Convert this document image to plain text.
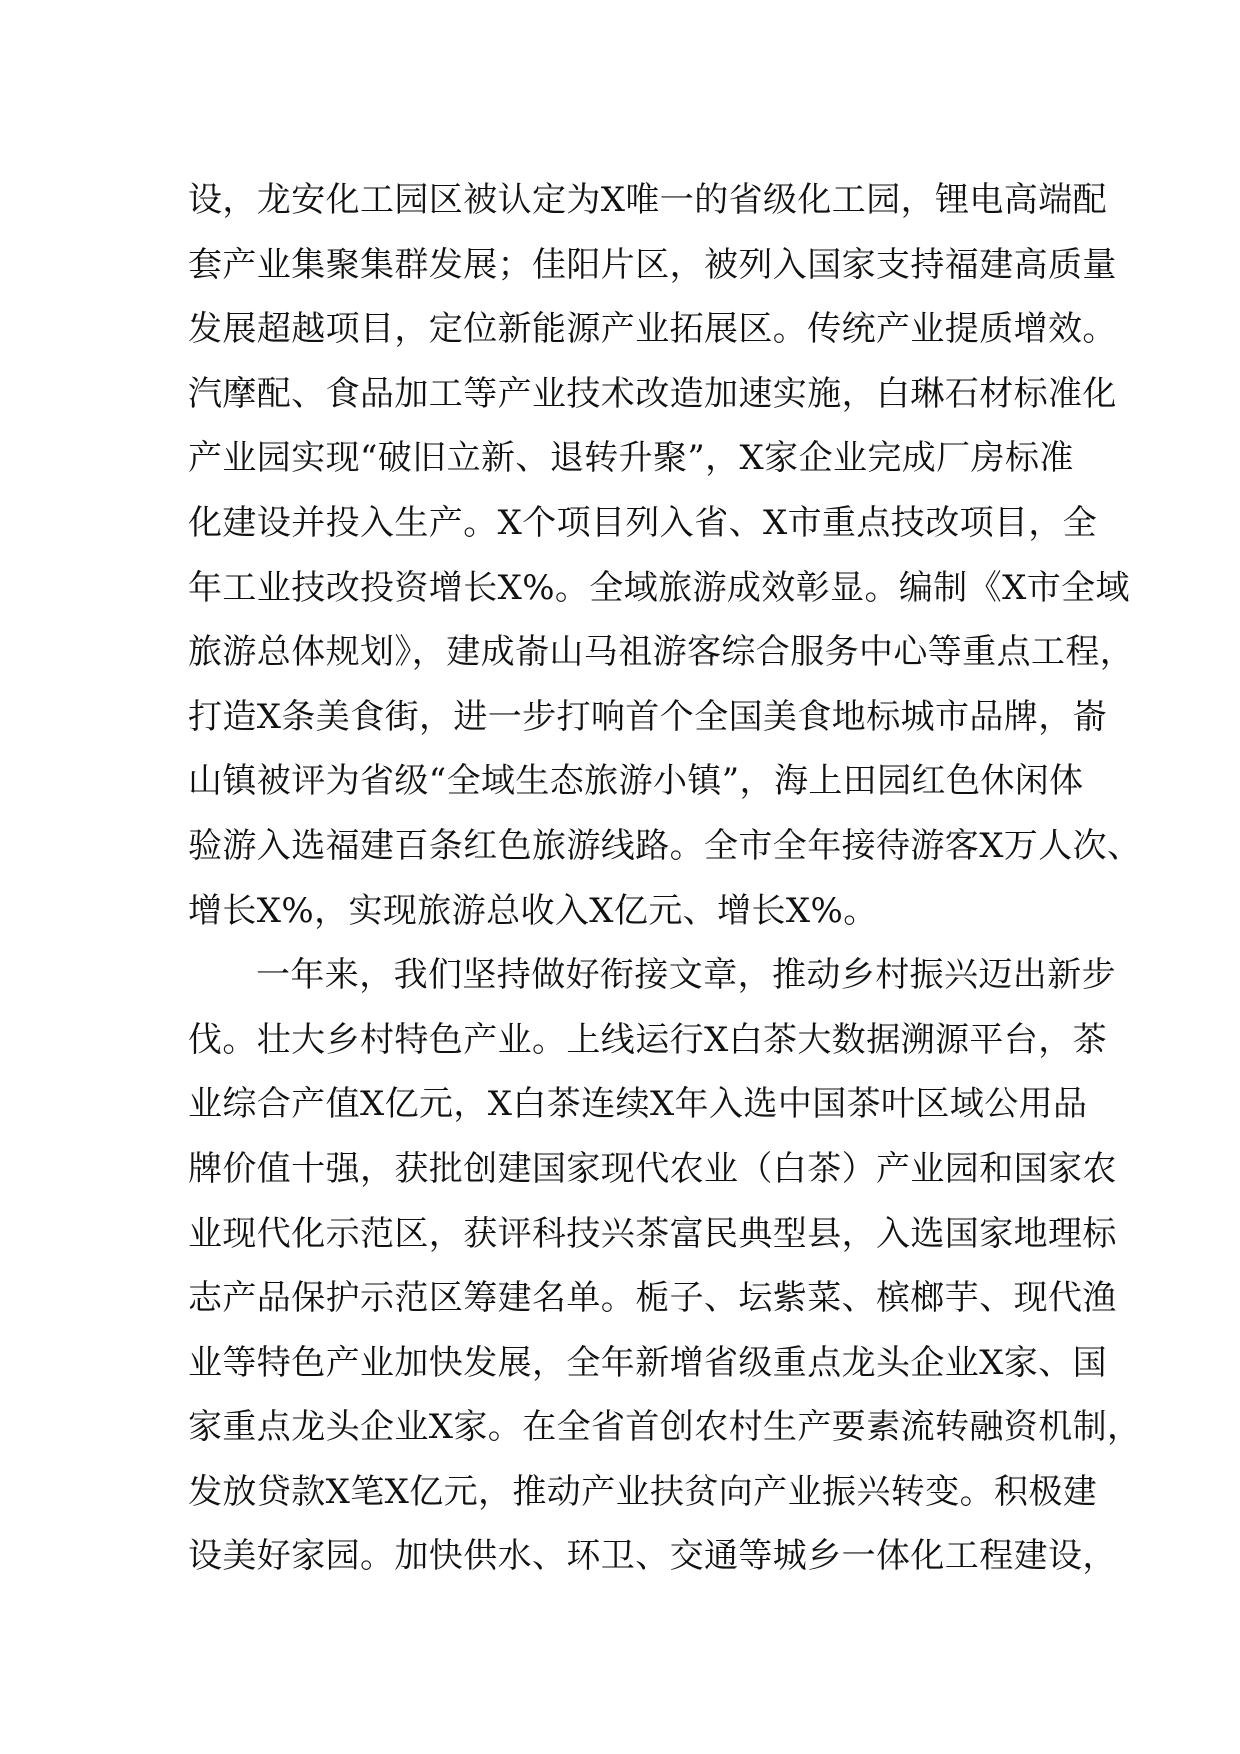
设，龙安化工园区被认定为X唯一的省级化工园，锂电高端配
套产业集聚集群发展；佳阳片区，被列入国家支持福建高质量
发展超越项目，定位新能源产业拓展区。传统产业提质增效。
汽摩配、食品加工等产业技术改造加速实施，白琳石材标准化
产业园实现“破旧立新、退转升聚”，X家企业完成厂房标准
化建设并投入生产。X个项目列入省、X市重点技改项目，全
年工业技改投资增长X%。全域旅游成效彰显。编制《X市全域
旅游总体规划》，建成嵛山马祖游客综合服务中心等重点工程，
打造X条美食街，进一步打响首个全国美食地标城市品牌，嵛
山镇被评为省级“全域生态旅游小镇”，海上田园红色休闲体
验游入选福建百条红色旅游线路。全市全年接待游客X万人次、
增长X%，实现旅游总收入X亿元、增长X%。
一年来，我们坚持做好衔接文章，推动乡村振兴迈出新步
伐。壮大乡村特色产业。上线运行X白茶大数据溯源平台，茶
业综合产值X亿元，X白茶连续X年入选中国茶叶区域公用品
牌价值十强，获批创建国家现代农业（白茶）产业园和国家农
业现代化示范区，获评科技兴茶富民典型县，入选国家地理标
志产品保护示范区筹建名单。栀子、坛紫菜、槟榔芋、现代渔
业等特色产业加快发展，全年新增省级重点龙头企业X家、国
家重点龙头企业X家。在全省首创农村生产要素流转融资机制，
发放贷款X笔X亿元，推动产业扶贫向产业振兴转变。积极建
设美好家园。加快供水、环卫、交通等城乡一体化工程建设，
